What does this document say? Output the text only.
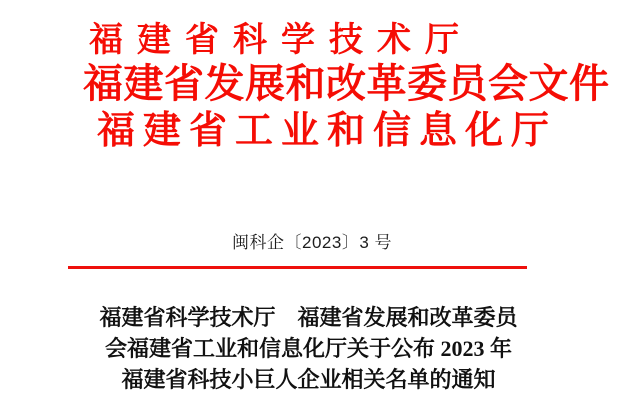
福建省科学技术厅
福建省发展和改革委员会文件
福建省工业和信息化厅
闽科企〔2023〕3 号
福建省科学技术厅　福建省发展和改革委员
会福建省工业和信息化厅关于公布 2023 年
福建省科技小巨人企业相关名单的通知
